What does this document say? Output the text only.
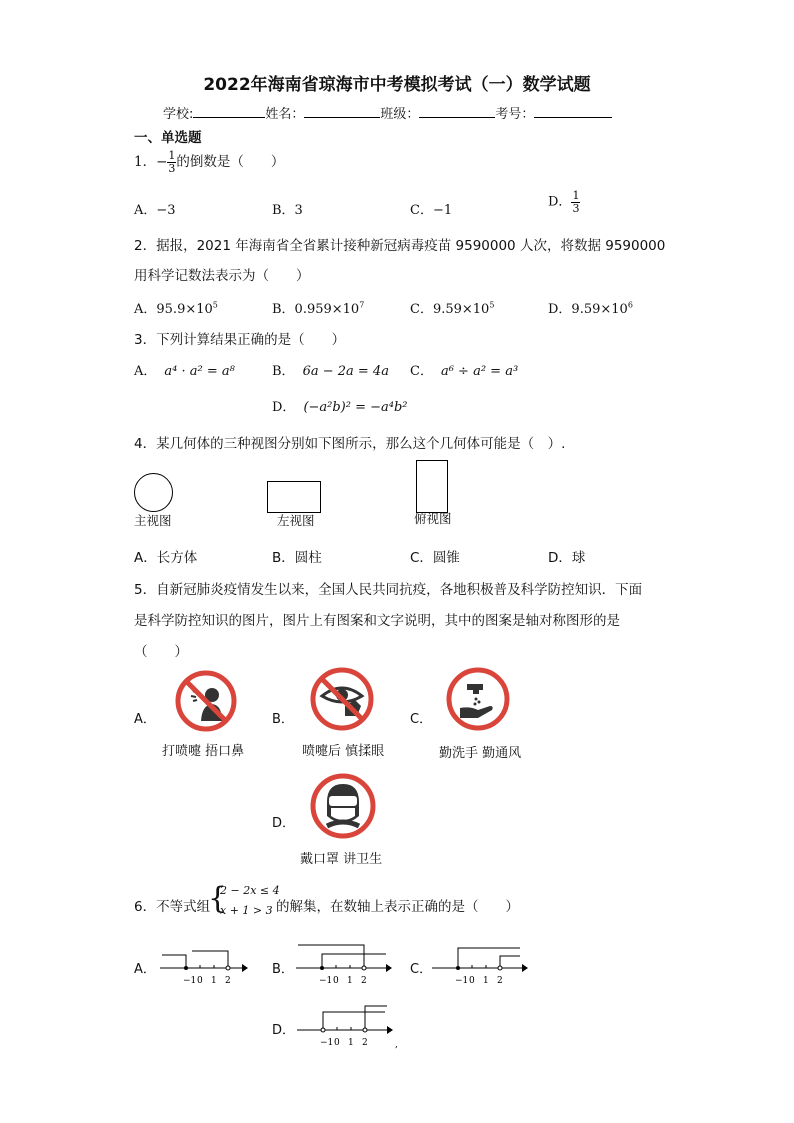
2022年海南省琼海市中考模拟考试（一）数学试题
学校:	姓名：	班级：	考号：
一、单选题
1．− $\frac{1}{3}$ 的倒数是（　　）
A．−3	B．3	C．−1
D． $\frac{1}{3}$
2．据报，2021 年海南省全省累计接种新冠病毒疫苗 9590000 人次，将数据 9590000
用科学记数法表示为（　　）
A．$95.9\times 10^5$	B．$0.959\times 10^7$	C．$9.59\times 10^5$	D．$9.59\times 10^6$
3．下列计算结果正确的是（　　）
A． a⁴ · a² = a⁸	B． 6a − 2a = 4a C． a⁶ ÷ a² = a³
D． (−a²b)² = −a⁴b²
4．某几何体的三种视图分别如下图所示，那么这个几何体可能是（　）.
主视图	左视图	俯视图
A．长方体	B．圆柱	C．圆锥	D．球
5．自新冠肺炎疫情发生以来，全国人民共同抗疫，各地积极普及科学防控知识．下面
是科学防控知识的图片，图片上有图案和文字说明，其中的图案是轴对称图形的是
（　　）
A．
打喷嚏 捂口鼻
B．
喷嚏后 慎揉眼
C．
勤洗手 勤通风
D．
戴口罩 讲卫生
6．不等式组
{
2 − 2x ≤ 4
x + 1 > 3 的解集，在数轴上表示正确的是（　　）
A．
−1 0 1 2
B．
−1 0 1 2
C．
−1 0 1 2
D．
−1 0 1 2	,
